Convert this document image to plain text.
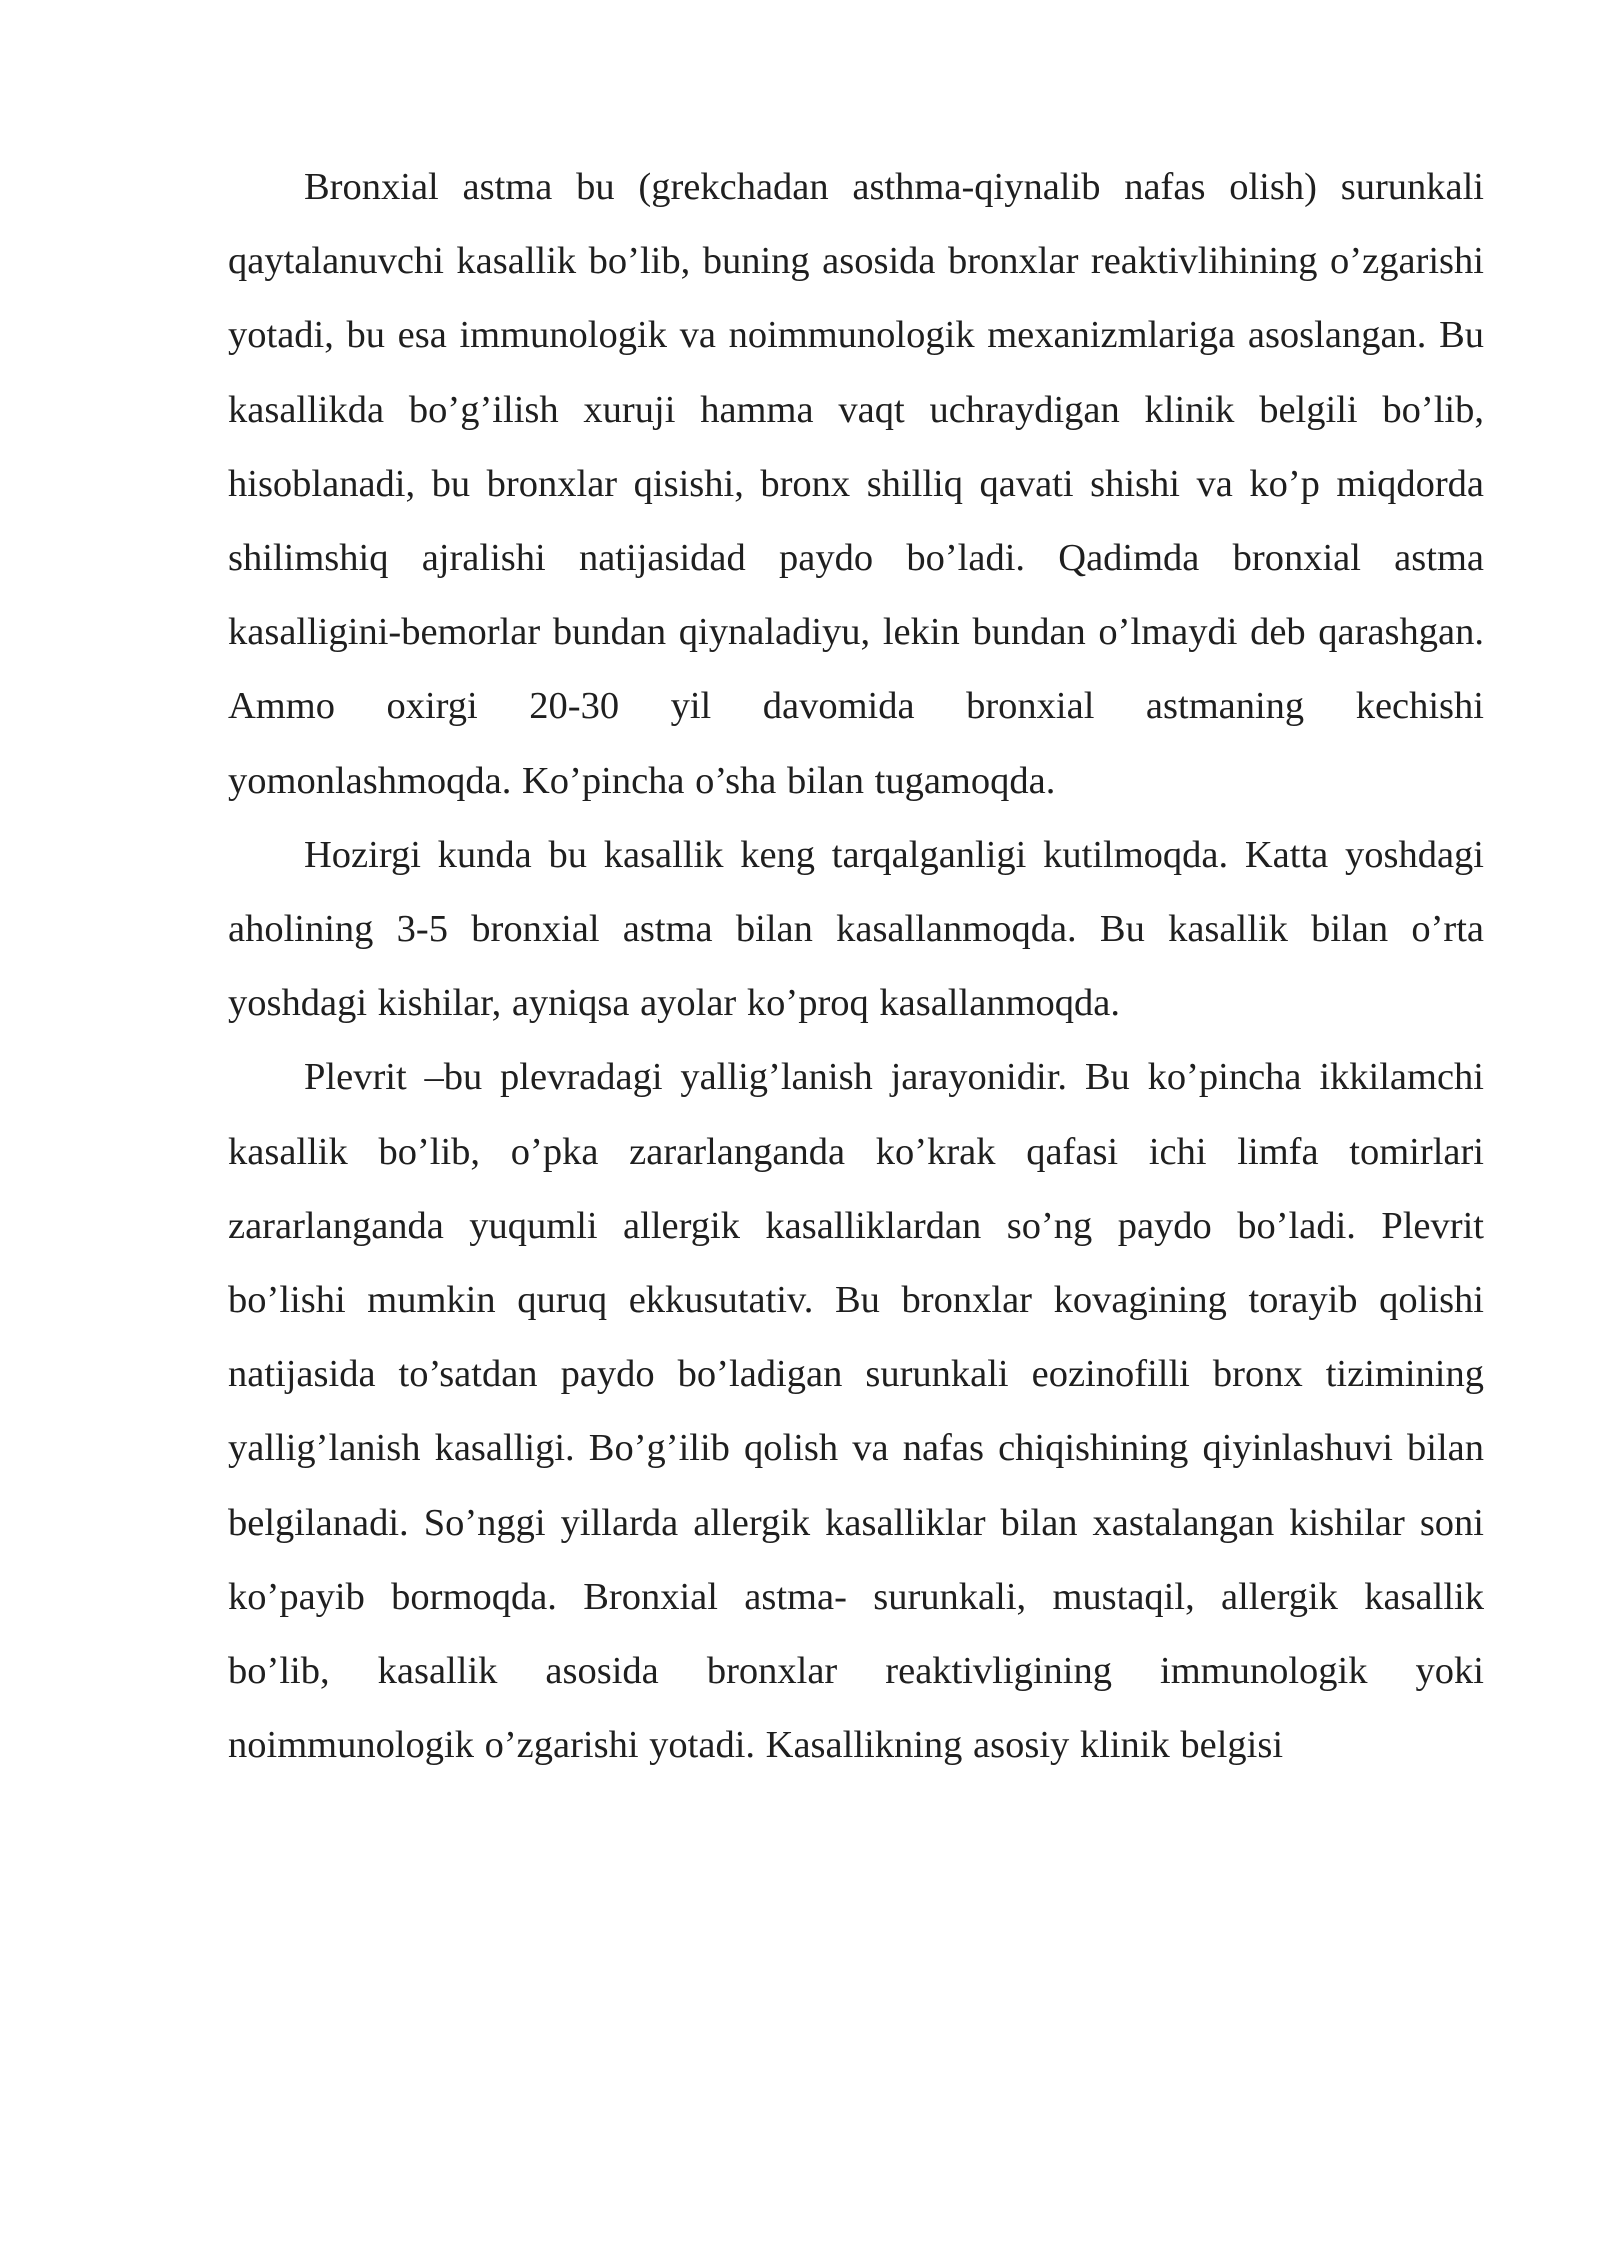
Bronxial astma bu (grekchadan asthma-qiynalib nafas olish) surunkali qaytalanuvchi kasallik bo’lib, buning asosida bronxlar reaktivlihining o’zgarishi yotadi, bu esa immunologik va noimmunologik mexanizmlariga asoslangan. Bu kasallikda bo’g’ilish xuruji hamma vaqt uchraydigan klinik belgili bo’lib, hisoblanadi, bu bronxlar qisishi, bronx shilliq qavati shishi va ko’p miqdorda shilimshiq ajralishi natijasidad paydo bo’ladi. Qadimda bronxial astma kasalligini-bemorlar bundan qiynaladiyu, lekin bundan o’lmaydi deb qarashgan. Ammo oxirgi 20-30 yil davomida bronxial astmaning kechishi yomonlashmoqda. Ko’pincha o’sha bilan tugamoqda.

Hozirgi kunda bu kasallik keng tarqalganligi kutilmoqda. Katta yoshdagi aholining 3-5 bronxial astma bilan kasallanmoqda. Bu kasallik bilan o’rta yoshdagi kishilar, ayniqsa ayolar ko’proq kasallanmoqda.

Plevrit –bu plevradagi yallig’lanish jarayonidir. Bu ko’pincha ikkilamchi kasallik bo’lib, o’pka zararlanganda ko’krak qafasi ichi limfa tomirlari zararlanganda yuqumli allergik kasalliklardan so’ng paydo bo’ladi. Plevrit bo’lishi mumkin quruq ekkusutativ. Bu bronxlar kovagining torayib qolishi natijasida to’satdan paydo bo’ladigan surunkali eozinofilli bronx tizimining yallig’lanish kasalligi. Bo’g’ilib qolish va nafas chiqishining qiyinlashuvi bilan belgilanadi. So’nggi yillarda allergik kasalliklar bilan xastalangan kishilar soni ko’payib bormoqda. Bronxial astma- surunkali, mustaqil, allergik kasallik bo’lib, kasallik asosida bronxlar reaktivligining immunologik yoki noimmunologik o’zgarishi yotadi. Kasallikning asosiy klinik belgisi
